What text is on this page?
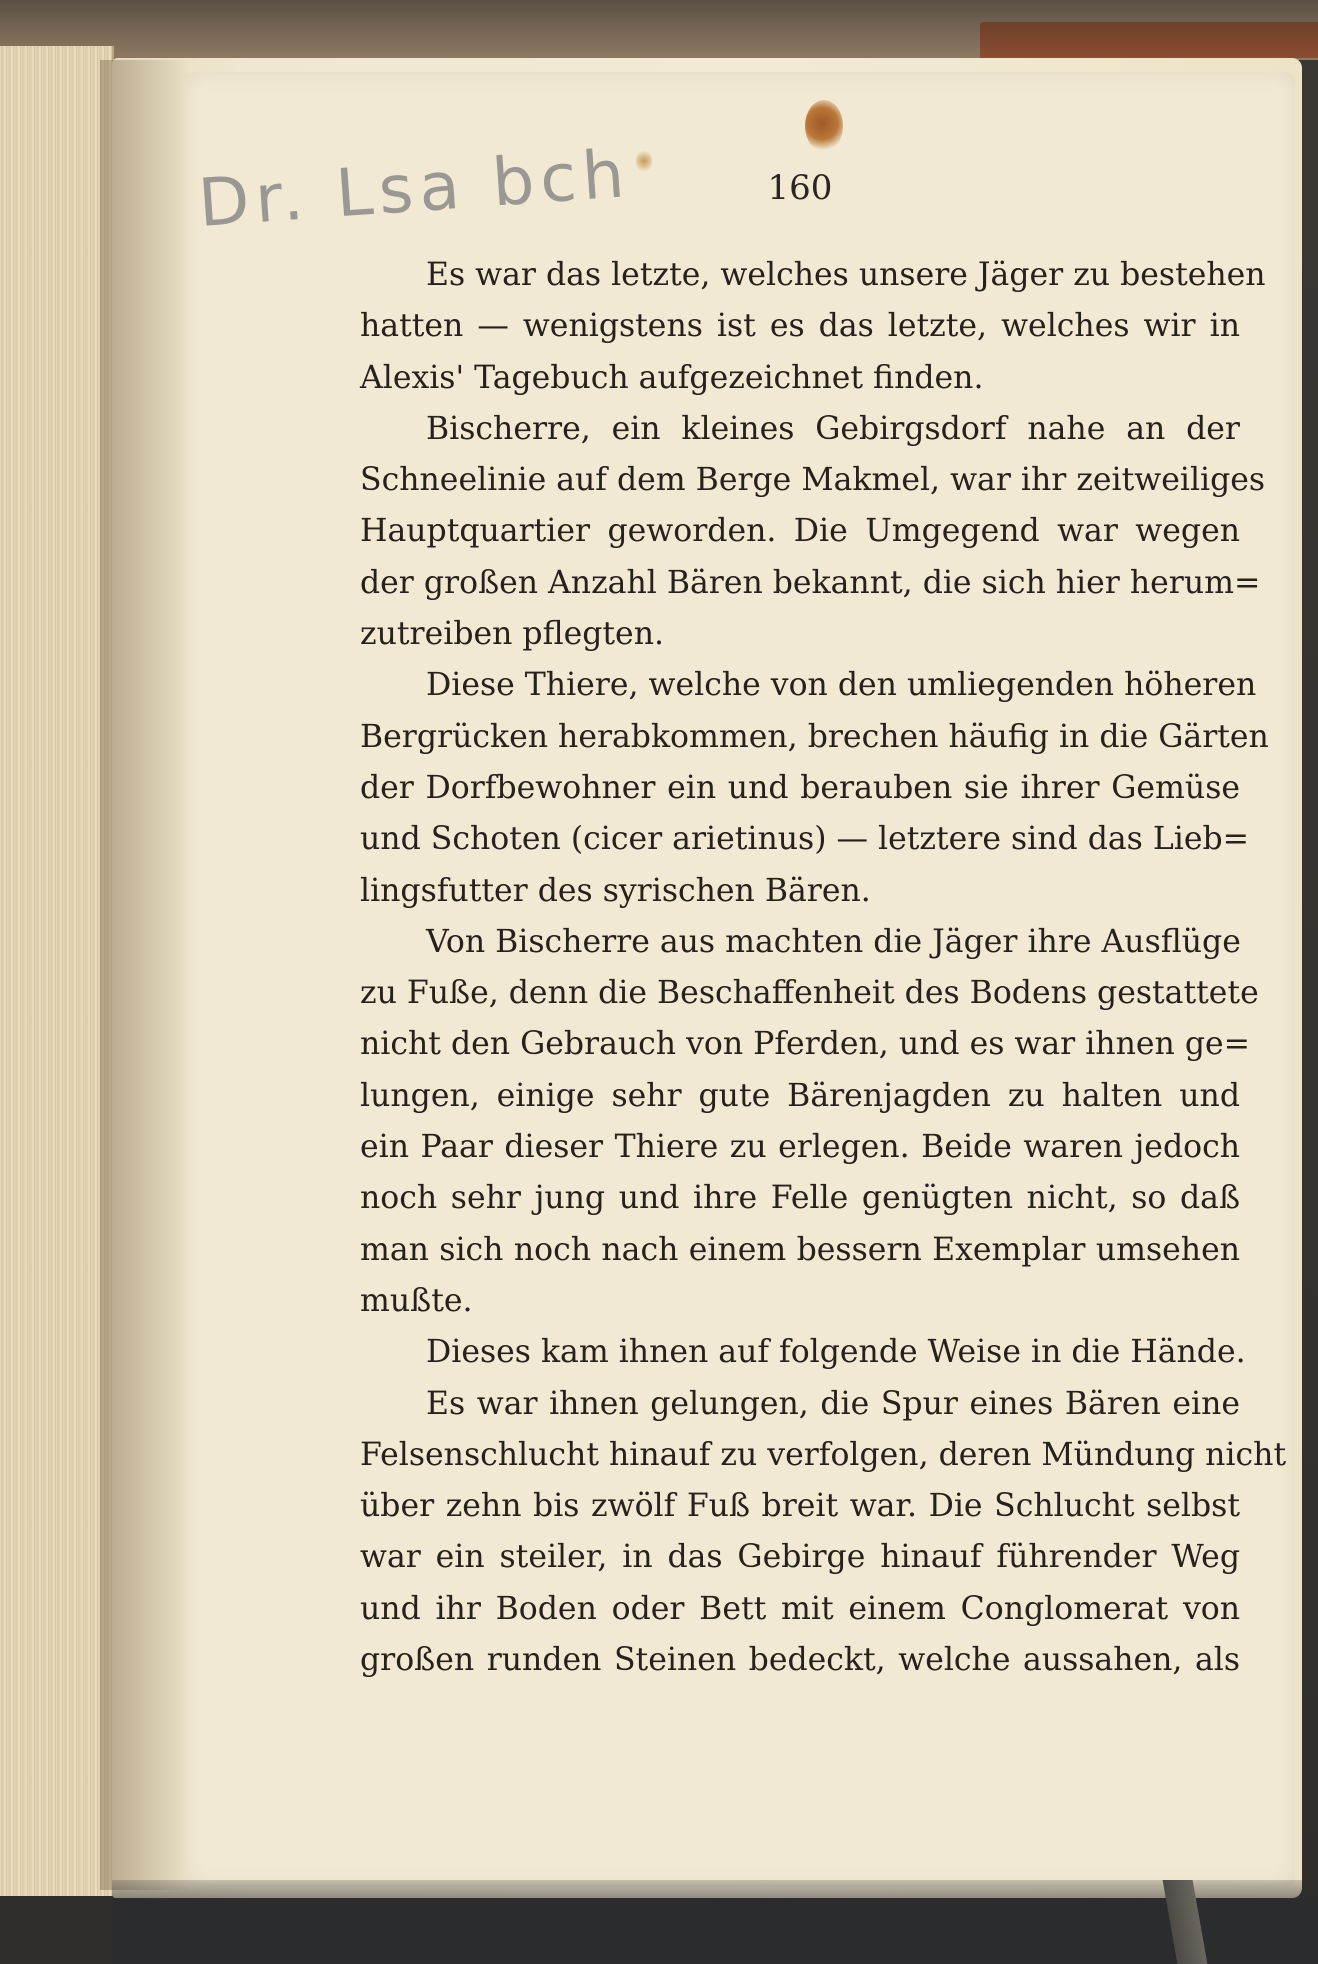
Dr. Lsa bch	160
Es war das letzte, welches unsere Jäger zu bestehen
hatten — wenigstens ist es das letzte, welches wir in
Alexis' Tagebuch aufgezeichnet finden.
Bischerre, ein kleines Gebirgsdorf nahe an der
Schneelinie auf dem Berge Makmel, war ihr zeitweiliges
Hauptquartier geworden. Die Umgegend war wegen
der großen Anzahl Bären bekannt, die sich hier herum=
zutreiben pflegten.
Diese Thiere, welche von den umliegenden höheren
Bergrücken herabkommen, brechen häufig in die Gärten
der Dorfbewohner ein und berauben sie ihrer Gemüse
und Schoten (cicer arietinus) — letztere sind das Lieb=
lingsfutter des syrischen Bären.
Von Bischerre aus machten die Jäger ihre Ausflüge
zu Fuße, denn die Beschaffenheit des Bodens gestattete
nicht den Gebrauch von Pferden, und es war ihnen ge=
lungen, einige sehr gute Bärenjagden zu halten und
ein Paar dieser Thiere zu erlegen. Beide waren jedoch
noch sehr jung und ihre Felle genügten nicht, so daß
man sich noch nach einem bessern Exemplar umsehen
mußte.
Dieses kam ihnen auf folgende Weise in die Hände.
Es war ihnen gelungen, die Spur eines Bären eine
Felsenschlucht hinauf zu verfolgen, deren Mündung nicht
über zehn bis zwölf Fuß breit war. Die Schlucht selbst
war ein steiler, in das Gebirge hinauf führender Weg
und ihr Boden oder Bett mit einem Conglomerat von
großen runden Steinen bedeckt, welche aussahen, als
